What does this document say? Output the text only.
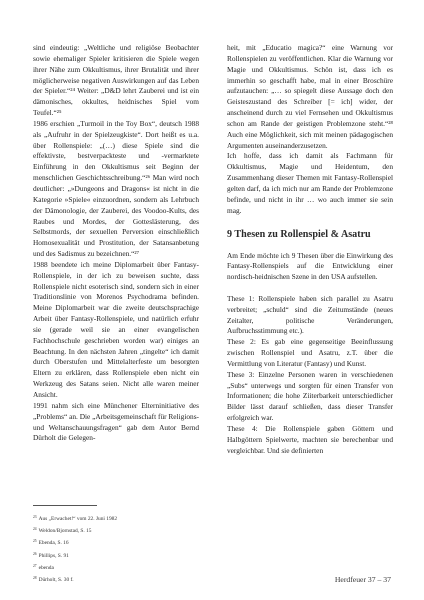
sind eindeutig: „Weltliche und religiöse Beobachter sowie ehemaliger Spieler kritisieren die Spiele wegen ihrer Nähe zum Okkultismus, ihrer Brutalität und ihrer möglicherweise negativen Auswirkungen auf das Leben der Spieler.“²⁴ Weiter: „D&D lehrt Zauberei und ist ein dämonisches, okkultes, heidnisches Spiel vom Teufel.“²⁵

1986 erschien „Turmoil in the Toy Box“, deutsch 1988 als „Aufruhr in der Spielzeugkiste“. Dort heißt es u.a. über Rollenspiele: „(…) diese Spiele sind die effektivste, bestverpackteste und -vermarktete Einführung in den Okkultismus seit Beginn der menschlichen Geschichtsschreibung.“²⁶ Man wird noch deutlicher: „»Dungeons and Dragons« ist nicht in die Kategorie »Spiele« einzuordnen, sondern als Lehrbuch der Dämonologie, der Zauberei, des Voodoo-Kults, des Raubes und Mordes, der Gotteslästerung, des Selbstmords, der sexuellen Perversion einschließlich Homosexualität und Prostitution, der Satansanbetung und des Sadismus zu bezeichnen.“²⁷

1988 beendete ich meine Diplomarbeit über Fantasy-Rollenspiele, in der ich zu beweisen suchte, dass Rollenspiele nicht esoterisch sind, sondern sich in einer Traditionslinie von Morenos Psychodrama befinden. Meine Diplomarbeit war die zweite deutschsprachige Arbeit über Fantasy-Rollenspiele, und natürlich erfuhr sie (gerade weil sie an einer evangelischen Fachhochschule geschrieben worden war) einiges an Beachtung. In den nächsten Jahren „tingelte“ ich damit durch Oberstufen und Mittelalterfeste um besorgten Eltern zu erklären, dass Rollenspiele eben nicht ein Werkzeug des Satans seien. Nicht alle waren meiner Ansicht.

1991 nahm sich eine Münchener Elterninitiative des „Problems“ an. Die „Arbeitsgemeinschaft für Religions- und Weltanschauungsfragen“ gab dem Autor Bernd Dürholt die Gelegen-

heit, mit „Educatio magica?“ eine Warnung vor Rollenspielen zu veröffentlichen. Klar die Warnung vor Magie und Okkultismus. Schön ist, dass ich es immerhin so geschafft habe, mal in einer Broschüre aufzutauchen: „… so spiegelt diese Aussage doch den Geisteszustand des Schreiber [= ich] wider, der anscheinend durch zu viel Fernsehen und Okkultismus schon am Rande der geistigen Problemzone steht.“²⁸ Auch eine Möglichkeit, sich mit meinen pädagogischen Argumenten auseinanderzusetzen.

Ich hoffe, dass ich damit als Fachmann für Okkultismus, Magie und Heidentum, den Zusammenhang dieser Themen mit Fantasy-Rollenspiel gelten darf, da ich mich nur am Rande der Problemzone befinde, und nicht in ihr … wo auch immer sie sein mag.

9 Thesen zu Rollenspiel & Asatru

Am Ende möchte ich 9 Thesen über die Einwirkung des Fantasy-Rollenspiels auf die Entwicklung einer nordisch-heidnischen Szene in den USA aufstellen.

These 1: Rollenspiele haben sich parallel zu Asatru verbreitet; „schuld“ sind die Zeitumstände (neues Zeitalter, politische Veränderungen, Aufbruchsstimmung etc.).

These 2: Es gab eine gegenseitige Beeinflussung zwischen Rollenspiel und Asatru, z.T. über die Vermittlung von Literatur (Fantasy) und Kunst.

These 3: Einzelne Personen waren in verschiedenen „Subs“ unterwegs und sorgten für einen Transfer von Informationen; die hohe Ziiterbarkeit unterschiedlicher Bilder lässt darauf schließen, dass dieser Transfer erfolgreich war.

These 4: Die Rollenspiele gaben Göttern und Halbgöttern Spielwerte, machten sie berechenbar und vergleichbar. Und sie definierten

$^{23}$ Aus „Erwachet!“ vom 22. Juni 1982
$^{24}$ Weldon/Bjornstad, S. 15
$^{25}$ Ebenda, S. 16
$^{26}$ Phillips, S. 91
$^{27}$ ebenda
$^{28}$ Dürholt, S. 30 f.	Herdfeuer 37 – 37
